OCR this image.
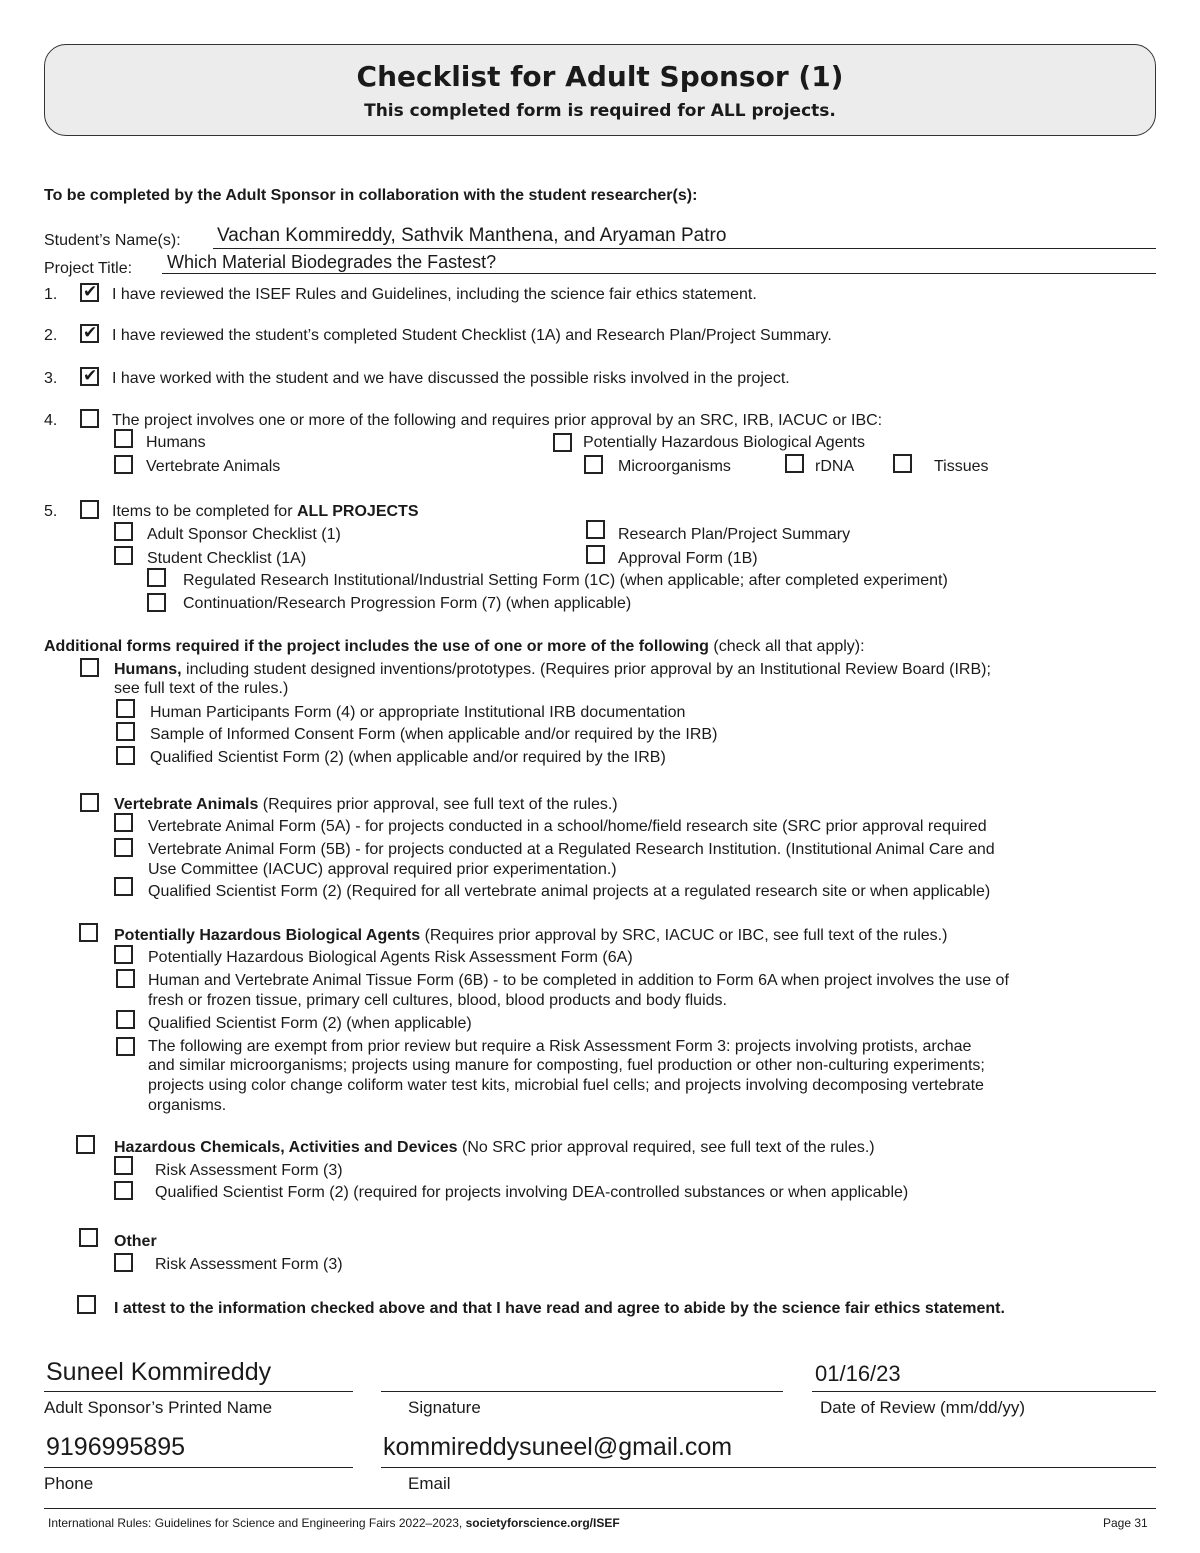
Checklist for Adult Sponsor (1)
This completed form is required for ALL projects.
To be completed by the Adult Sponsor in collaboration with the student researcher(s):
Student’s Name(s): Vachan Kommireddy, Sathvik Manthena, and Aryaman Patro
Project Title: Which Material Biodegrades the Fastest?
1. ✔	I have reviewed the ISEF Rules and Guidelines, including the science fair ethics statement.
2. ✔	I have reviewed the student’s completed Student Checklist (1A) and Research Plan/Project Summary.
3. ✔	I have worked with the student and we have discussed the possible risks involved in the project.
4.	The project involves one or more of the following and requires prior approval by an SRC, IRB, IACUC or IBC:
Humans	Potentially Hazardous Biological Agents
Vertebrate Animals	Microorganisms	rDNA	Tissues
5.	Items to be completed for ALL PROJECTS
Adult Sponsor Checklist (1)	Research Plan/Project Summary
Student Checklist (1A)	Approval Form (1B)
Regulated Research Institutional/Industrial Setting Form (1C) (when applicable; after completed experiment)
Continuation/Research Progression Form (7) (when applicable)
Additional forms required if the project includes the use of one or more of the following (check all that apply):
Humans, including student designed inventions/prototypes. (Requires prior approval by an Institutional Review Board (IRB);
see full text of the rules.)
Human Participants Form (4) or appropriate Institutional IRB documentation
Sample of Informed Consent Form (when applicable and/or required by the IRB)
Qualified Scientist Form (2) (when applicable and/or required by the IRB)
Vertebrate Animals (Requires prior approval, see full text of the rules.)
Vertebrate Animal Form (5A) - for projects conducted in a school/home/field research site (SRC prior approval required
Vertebrate Animal Form (5B) - for projects conducted at a Regulated Research Institution. (Institutional Animal Care and
Use Committee (IACUC) approval required prior experimentation.)
Qualified Scientist Form (2) (Required for all vertebrate animal projects at a regulated research site or when applicable)
Potentially Hazardous Biological Agents (Requires prior approval by SRC, IACUC or IBC, see full text of the rules.)
Potentially Hazardous Biological Agents Risk Assessment Form (6A)
Human and Vertebrate Animal Tissue Form (6B) - to be completed in addition to Form 6A when project involves the use of
fresh or frozen tissue, primary cell cultures, blood, blood products and body fluids.
Qualified Scientist Form (2) (when applicable)
The following are exempt from prior review but require a Risk Assessment Form 3: projects involving protists, archae
and similar microorganisms; projects using manure for composting, fuel production or other non-culturing experiments;
projects using color change coliform water test kits, microbial fuel cells; and projects involving decomposing vertebrate
organisms.
Hazardous Chemicals, Activities and Devices (No SRC prior approval required, see full text of the rules.)
Risk Assessment Form (3)
Qualified Scientist Form (2) (required for projects involving DEA-controlled substances or when applicable)
Other
Risk Assessment Form (3)
I attest to the information checked above and that I have read and agree to abide by the science fair ethics statement.
Suneel Kommireddy
Adult Sponsor’s Printed Name	Signature
01/16/23
Date of Review (mm/dd/yy)
9196995895
Phone
kommireddysuneel@gmail.com
Email
International Rules: Guidelines for Science and Engineering Fairs 2022–2023, societyforscience.org/ISEF	Page 31
